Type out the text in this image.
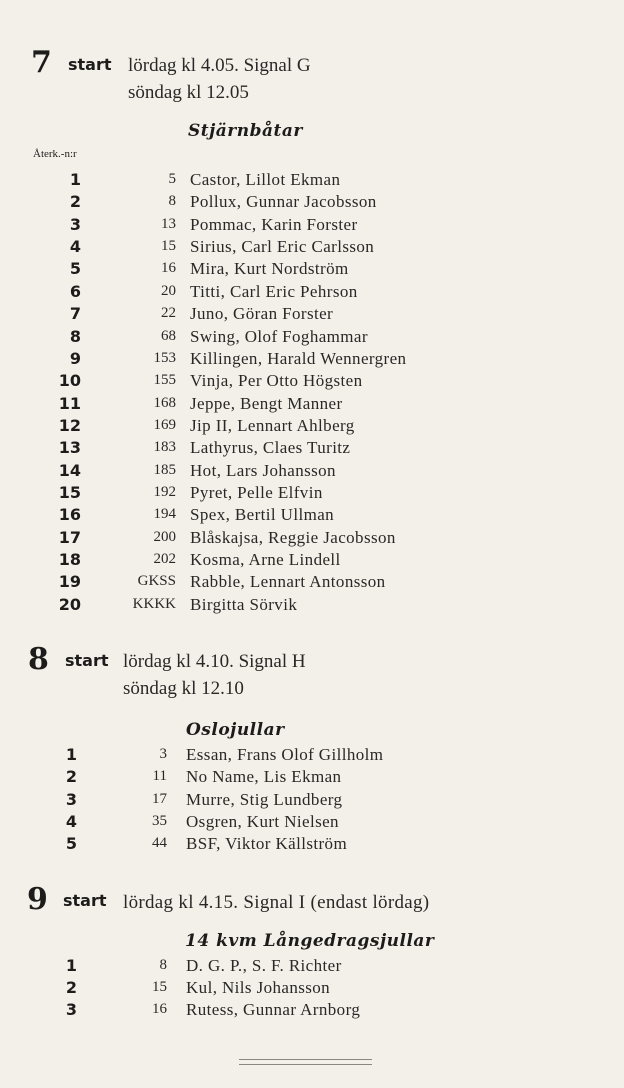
7 start lördag kl 4.05. Signal G
söndag kl 12.05
Stjärnbåtar
Återk.-n:r
1	5 Castor, Lillot Ekman
2	8 Pollux, Gunnar Jacobsson
3	13 Pommac, Karin Forster
4	15 Sirius, Carl Eric Carlsson
5	16 Mira, Kurt Nordström
6	20 Titti, Carl Eric Pehrson
7	22 Juno, Göran Forster
8	68 Swing, Olof Foghammar
9	153 Killingen, Harald Wennergren
10	155 Vinja, Per Otto Högsten
11	168 Jeppe, Bengt Manner
12	169 Jip II, Lennart Ahlberg
13	183 Lathyrus, Claes Turitz
14	185 Hot, Lars Johansson
15	192 Pyret, Pelle Elfvin
16	194 Spex, Bertil Ullman
17	200 Blåskajsa, Reggie Jacobsson
18	202 Kosma, Arne Lindell
19	GKSS Rabble, Lennart Antonsson
20	KKKK Birgitta Sörvik
8 start lördag kl 4.10. Signal H
söndag kl 12.10
Oslojullar
1	3 Essan, Frans Olof Gillholm
2	11 No Name, Lis Ekman
3	17 Murre, Stig Lundberg
4	35 Osgren, Kurt Nielsen
5	44 BSF, Viktor Källström
9 start lördag kl 4.15. Signal I (endast lördag)
14 kvm Långedragsjullar
1	8 D. G. P., S. F. Richter
2	15 Kul, Nils Johansson
3	16 Rutess, Gunnar Arnborg
